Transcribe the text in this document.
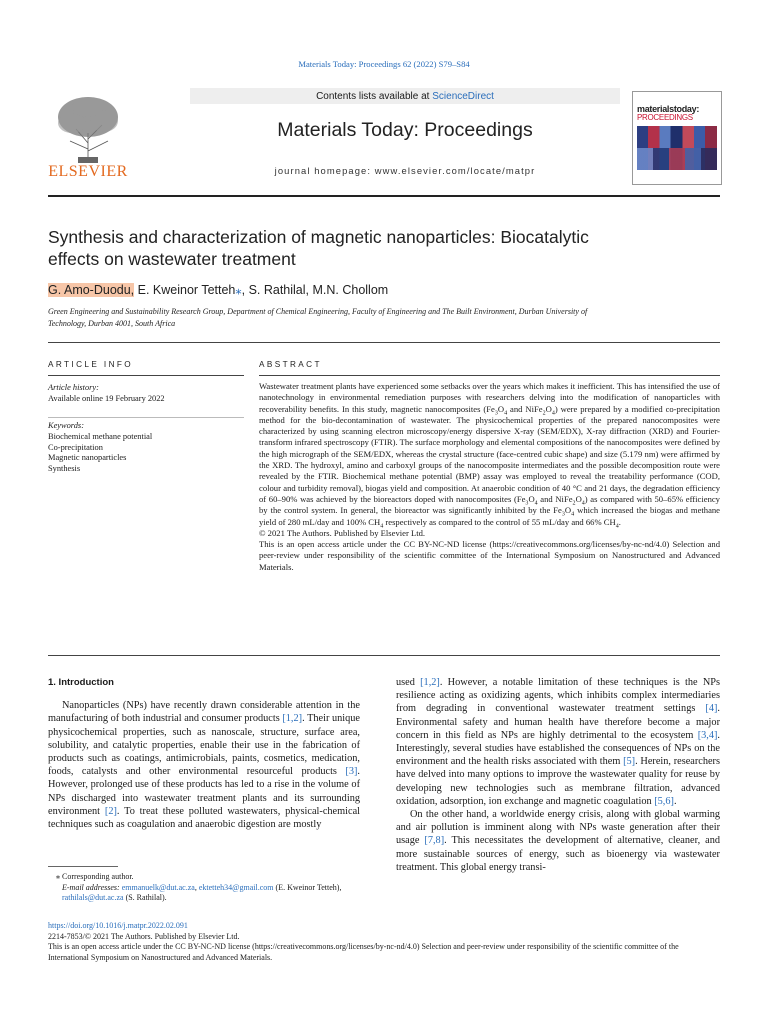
Materials Today: Proceedings 62 (2022) S79–S84
Contents lists available at ScienceDirect
Materials Today: Proceedings
journal homepage: www.elsevier.com/locate/matpr
ELSEVIER
materialstoday:
PROCEEDINGS
Synthesis and characterization of magnetic nanoparticles: Biocatalytic
effects on wastewater treatment
G. Amo-Duodu, E. Kweinor Tetteh⁎, S. Rathilal, M.N. Chollom
Green Engineering and Sustainability Research Group, Department of Chemical Engineering, Faculty of Engineering and The Built Environment, Durban University of
Technology, Durban 4001, South Africa
ARTICLE INFO
Article history:
Available online 19 February 2022
Keywords:
Biochemical methane potential
Co-precipitation
Magnetic nanoparticles
Synthesis
ABSTRACT

Wastewater treatment plants have experienced some setbacks over the years which makes it inefficient. This has intensified the use of nanotechnology in environmental remediation purposes with researchers delving into the modification of nanoparticles with recoverability benefits. In this study, magnetic nanocomposites ($Fe_3O_4$ and $NiFe_2O_4$) were prepared by a modified co-precipitation method for the bio-decontamination of wastewater. The physicochemical properties of the prepared nanocomposites were characterized by using scanning electron microscopy/energy dispersive X-ray (SEM/EDX), X-ray diffraction (XRD) and Fourier-transform infrared spectroscopy (FTIR). The surface morphology and elemental compositions of the nanocomposites were defined by the high micrograph of the SEM/EDX, whereas the crystal structure (face-centred cubic shape) and size (5.179 nm) were affirmed by the XRD. The hydroxyl, amino and carboxyl groups of the nanocomposite intermediates and the possible decomposition route were revealed by the FTIR. Biochemical methane potential (BMP) assay was employed to reveal the treatability performance (COD, colour and turbidity removal), biogas yield and composition. At anaerobic condition of 40 °C and 21 days, the degradation efficiency of 60–90% was achieved by the bioreactors doped with nanocomposites ($Fe_3O_4$ and $NiFe_2O_4$) as compared with 50–65% efficiency by the control system. In general, the bioreactor was significantly inhibited by the $Fe_3O_4$ which increased the biogas and methane yield of 280 mL/day and 100% $CH_4$ respectively as compared to the control of 55 mL/day and 66% $CH_4$.

© 2021 The Authors. Published by Elsevier Ltd.

This is an open access article under the CC BY-NC-ND license (https://creativecommons.org/licenses/by-nc-nd/4.0) Selection and peer-review under responsibility of the scientific committee of the International Symposium on Nanostructured and Advanced Materials.

1. Introduction

Nanoparticles (NPs) have recently drawn considerable attention in the manufacturing of both industrial and consumer products [1,2]. Their unique physicochemical properties, such as nanoscale, structure, surface area, solubility, and catalytic properties, enable their use in the fabrication of products such as coatings, antimicrobials, paints, cosmetics, medication, foods, catalysts and other environmental resourceful products [3]. However, prolonged use of these products has led to a rise in the volume of NPs discharged into wastewater treatment plants and its surrounding environment [2]. To treat these polluted wastewaters, physical-chemical techniques such as coagulation and anaerobic digestion are mostly

used [1,2]. However, a notable limitation of these techniques is the NPs resilience acting as oxidizing agents, which inhibits complex intermediaries from degrading in conventional wastewater treatment settings [4]. Environmental safety and human health have therefore become a major concern in this field as NPs are highly detrimental to the ecosystem [3,4]. Interestingly, several studies have established the consequences of NPs on the environment and the health risks associated with them [5]. Herein, researchers have delved into many options to improve the wastewater quality for reuse by developing new technologies such as membrane filtration, advanced oxidation, adsorption, ion exchange and magnetic coagulation [5,6].

On the other hand, a worldwide energy crisis, along with global warming and air pollution is imminent along with NPs waste generation after their usage [7,8]. This necessitates the development of alternative, cleaner, and more sustainable sources of energy, such as bioenergy via wastewater treatment. This global energy transi-

⁎ Corresponding author.
E-mail addresses: emmanuelk@dut.ac.za, ektetteh34@gmail.com (E. Kweinor Tetteh), rathilals@dut.ac.za (S. Rathilal).
https://doi.org/10.1016/j.matpr.2022.02.091
2214-7853/© 2021 The Authors. Published by Elsevier Ltd.
This is an open access article under the CC BY-NC-ND license (https://creativecommons.org/licenses/by-nc-nd/4.0) Selection and peer-review under responsibility of the scientific committee of the International Symposium on Nanostructured and Advanced Materials.
